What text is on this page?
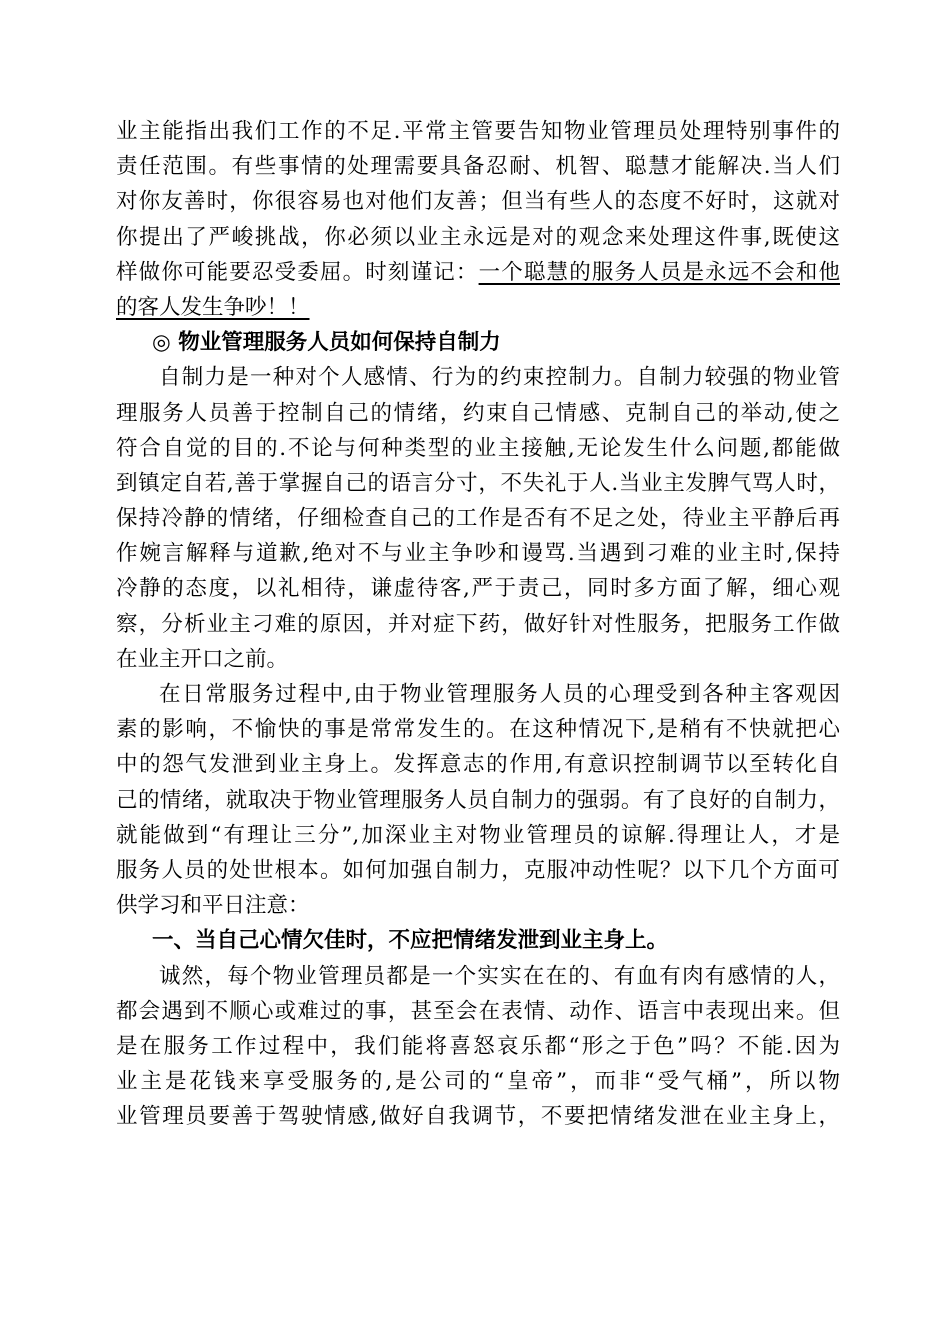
业主能指出我们工作的不足.平常主管要告知物业管理员处理特别事件的
责任范围。有些事情的处理需要具备忍耐、机智、聪慧才能解决.当人们
对你友善时，你很容易也对他们友善；但当有些人的态度不好时，这就对
你提出了严峻挑战，你必须以业主永远是对的观念来处理这件事,既使这
样做你可能要忍受委屈。时刻谨记：一个聪慧的服务人员是永远不会和他
的客人发生争吵！！
◎ 物业管理服务人员如何保持自制力
自制力是一种对个人感情、行为的约束控制力。自制力较强的物业管
理服务人员善于控制自己的情绪，约束自己情感、克制自己的举动,使之
符合自觉的目的.不论与何种类型的业主接触,无论发生什么问题,都能做
到镇定自若,善于掌握自己的语言分寸，不失礼于人.当业主发脾气骂人时，
保持冷静的情绪，仔细检查自己的工作是否有不足之处，待业主平静后再
作婉言解释与道歉,绝对不与业主争吵和谩骂.当遇到刁难的业主时,保持
冷静的态度，以礼相待，谦虚待客,严于责己，同时多方面了解，细心观
察，分析业主刁难的原因，并对症下药，做好针对性服务，把服务工作做
在业主开口之前。
在日常服务过程中,由于物业管理服务人员的心理受到各种主客观因
素的影响，不愉快的事是常常发生的。在这种情况下,是稍有不快就把心
中的怨气发泄到业主身上。发挥意志的作用,有意识控制调节以至转化自
己的情绪，就取决于物业管理服务人员自制力的强弱。有了良好的自制力，
就能做到“有理让三分”,加深业主对物业管理员的谅解.得理让人，才是
服务人员的处世根本。如何加强自制力，克服冲动性呢？以下几个方面可
供学习和平日注意：
一、当自己心情欠佳时，不应把情绪发泄到业主身上。
诚然，每个物业管理员都是一个实实在在的、有血有肉有感情的人，
都会遇到不顺心或难过的事，甚至会在表情、动作、语言中表现出来。但
是在服务工作过程中，我们能将喜怒哀乐都“形之于色”吗？不能.因为
业主是花钱来享受服务的,是公司的“皇帝”，而非“受气桶”，所以物
业管理员要善于驾驶情感,做好自我调节，不要把情绪发泄在业主身上，
